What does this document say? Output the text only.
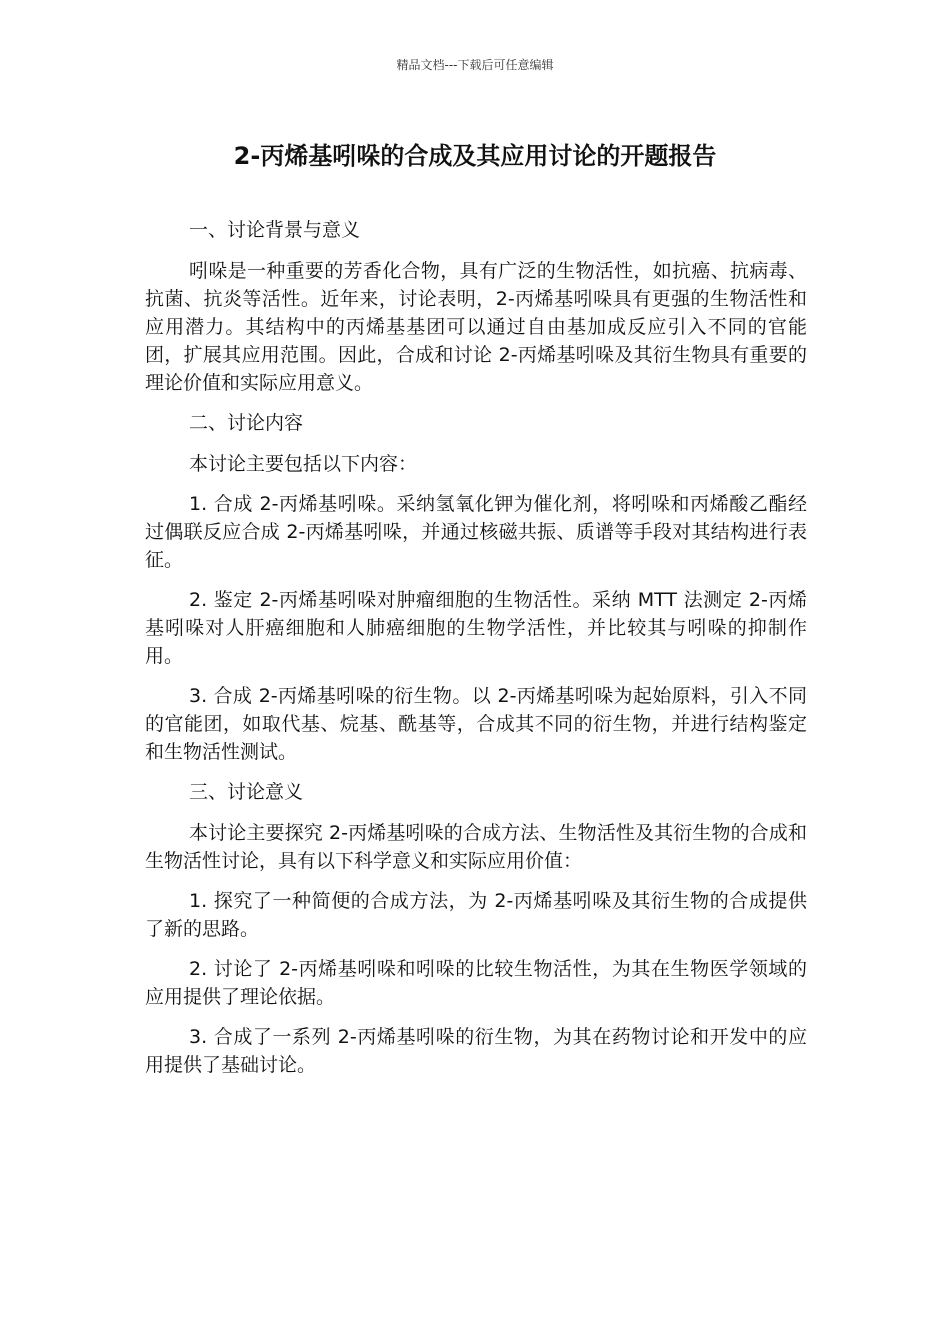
精品文档---下载后可任意编辑
2-丙烯基吲哚的合成及其应用讨论的开题报告

一、讨论背景与意义

吲哚是一种重要的芳香化合物，具有广泛的生物活性，如抗癌、抗病毒、抗菌、抗炎等活性。近年来，讨论表明，2-丙烯基吲哚具有更强的生物活性和应用潜力。其结构中的丙烯基基团可以通过自由基加成反应引入不同的官能团，扩展其应用范围。因此，合成和讨论 2-丙烯基吲哚及其衍生物具有重要的理论价值和实际应用意义。

二、讨论内容

本讨论主要包括以下内容：

1. 合成 2-丙烯基吲哚。采纳氢氧化钾为催化剂，将吲哚和丙烯酸乙酯经过偶联反应合成 2-丙烯基吲哚，并通过核磁共振、质谱等手段对其结构进行表征。

2. 鉴定 2-丙烯基吲哚对肿瘤细胞的生物活性。采纳 MTT 法测定 2-丙烯基吲哚对人肝癌细胞和人肺癌细胞的生物学活性，并比较其与吲哚的抑制作用。

3. 合成 2-丙烯基吲哚的衍生物。以 2-丙烯基吲哚为起始原料，引入不同的官能团，如取代基、烷基、酰基等，合成其不同的衍生物，并进行结构鉴定和生物活性测试。

三、讨论意义

本讨论主要探究 2-丙烯基吲哚的合成方法、生物活性及其衍生物的合成和生物活性讨论，具有以下科学意义和实际应用价值：

1. 探究了一种简便的合成方法，为 2-丙烯基吲哚及其衍生物的合成提供了新的思路。

2. 讨论了 2-丙烯基吲哚和吲哚的比较生物活性，为其在生物医学领域的应用提供了理论依据。

3. 合成了一系列 2-丙烯基吲哚的衍生物，为其在药物讨论和开发中的应用提供了基础讨论。
